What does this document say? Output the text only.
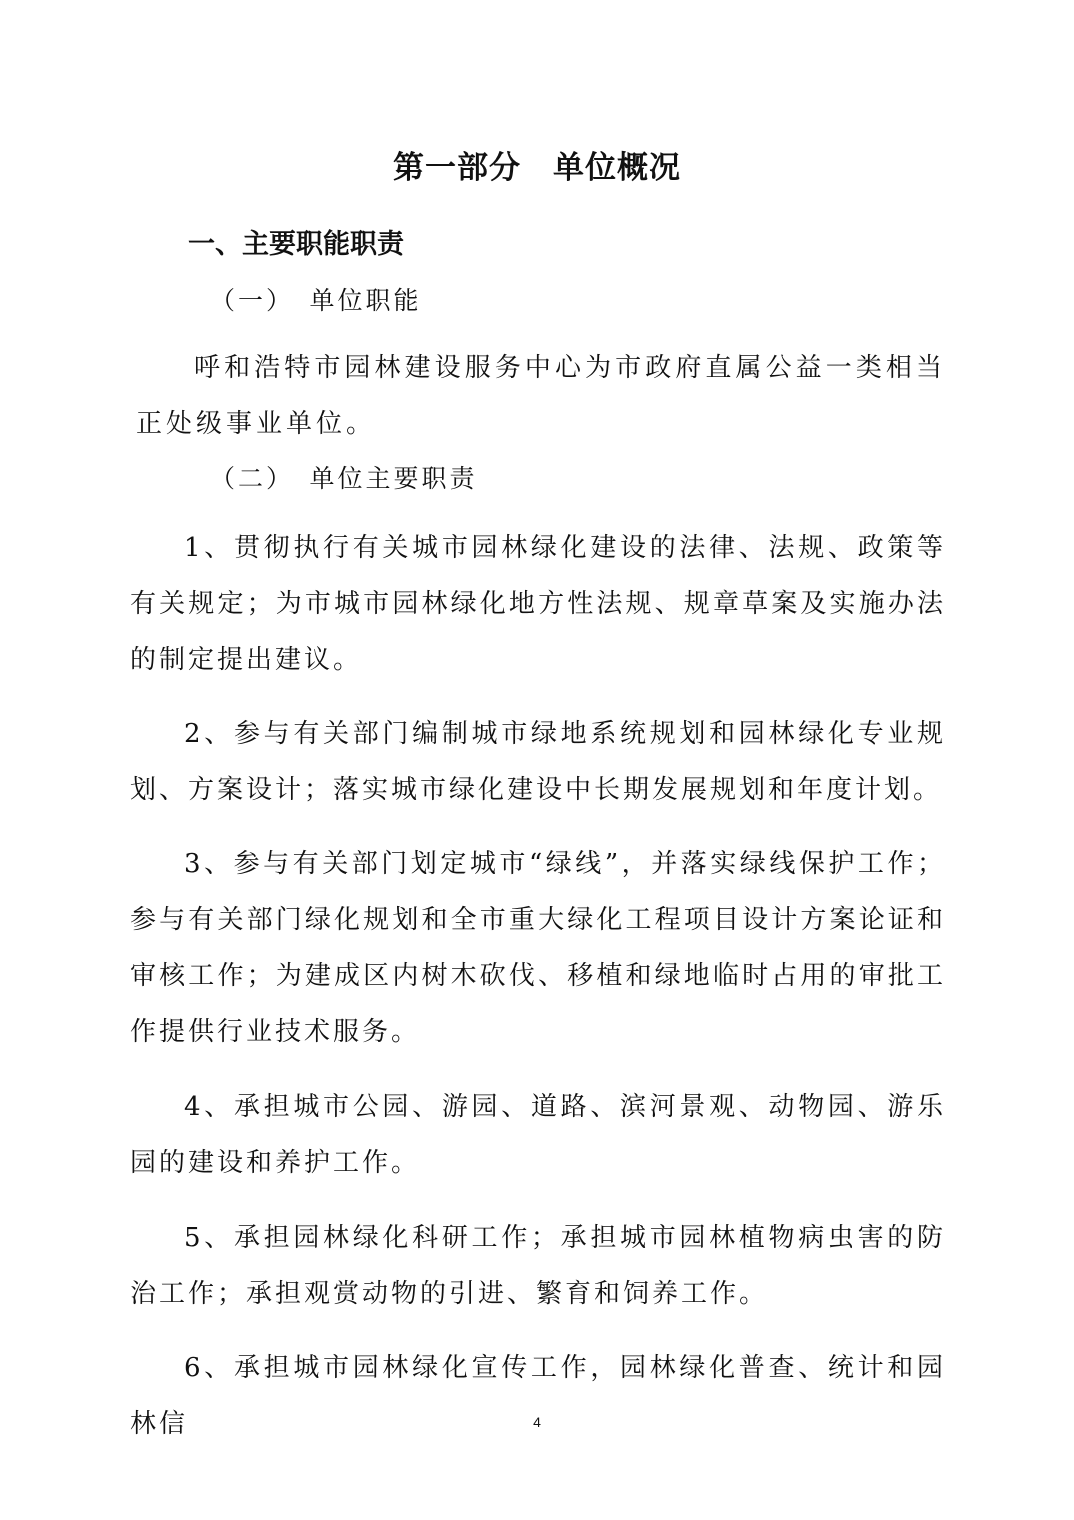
第一部分　单位概况
一、主要职能职责
（一）　单位职能
呼和浩特市园林建设服务中心为市政府直属公益一类相当正处级事业单位。
（二）　单位主要职责
1、贯彻执行有关城市园林绿化建设的法律、法规、政策等有关规定；为市城市园林绿化地方性法规、规章草案及实施办法的制定提出建议。
2、参与有关部门编制城市绿地系统规划和园林绿化专业规划、方案设计；落实城市绿化建设中长期发展规划和年度计划。
3、参与有关部门划定城市“绿线”，并落实绿线保护工作；参与有关部门绿化规划和全市重大绿化工程项目设计方案论证和审核工作；为建成区内树木砍伐、移植和绿地临时占用的审批工作提供行业技术服务。
4、承担城市公园、游园、道路、滨河景观、动物园、游乐园的建设和养护工作。
5、承担园林绿化科研工作；承担城市园林植物病虫害的防治工作；承担观赏动物的引进、繁育和饲养工作。
6、承担城市园林绿化宣传工作，园林绿化普查、统计和园林信	4
